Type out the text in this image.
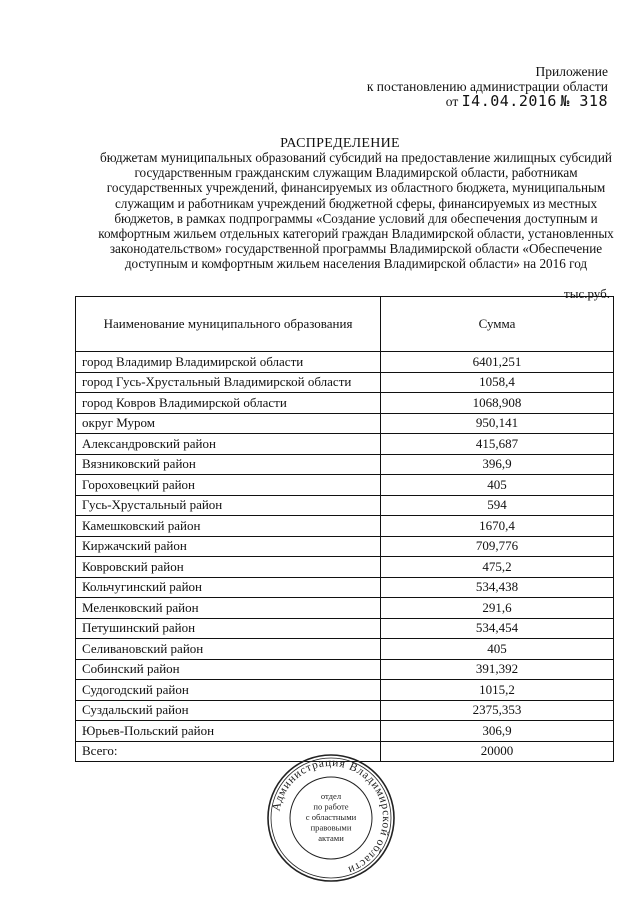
Приложение
к постановлению администрации области
от I4.04.2016 № 318
РАСПРЕДЕЛЕНИЕ
бюджетам муниципальных образований субсидий на предоставление жилищных субсидий государственным гражданским служащим Владимирской области, работникам государственных учреждений, финансируемых из областного бюджета, муниципальным служащим и работникам учреждений бюджетной сферы, финансируемых из местных бюджетов, в рамках подпрограммы «Создание условий для обеспечения доступным и комфортным жильем отдельных категорий граждан Владимирской области, установленных законодательством» государственной программы Владимирской области «Обеспечение доступным и комфортным жильем населения Владимирской области» на 2016 год
тыс.руб.
Наименование муниципального образования	Сумма
город Владимир Владимирской области	6401,251
город Гусь-Хрустальный Владимирской области	1058,4
город Ковров Владимирской области	1068,908
округ Муром	950,141
Александровский район	415,687
Вязниковский район	396,9
Гороховецкий район	405
Гусь-Хрустальный район	594
Камешковский район	1670,4
Киржачский район	709,776
Ковровский район	475,2
Кольчугинский район	534,438
Меленковский район	291,6
Петушинский район	534,454
Селивановский район	405
Собинский район	391,392
Судогодский район	1015,2
Суздальский район	2375,353
Юрьев-Польский район	306,9
Всего:	20000
Администрация Владимирской области
отдел по работе с областными правовыми актами
